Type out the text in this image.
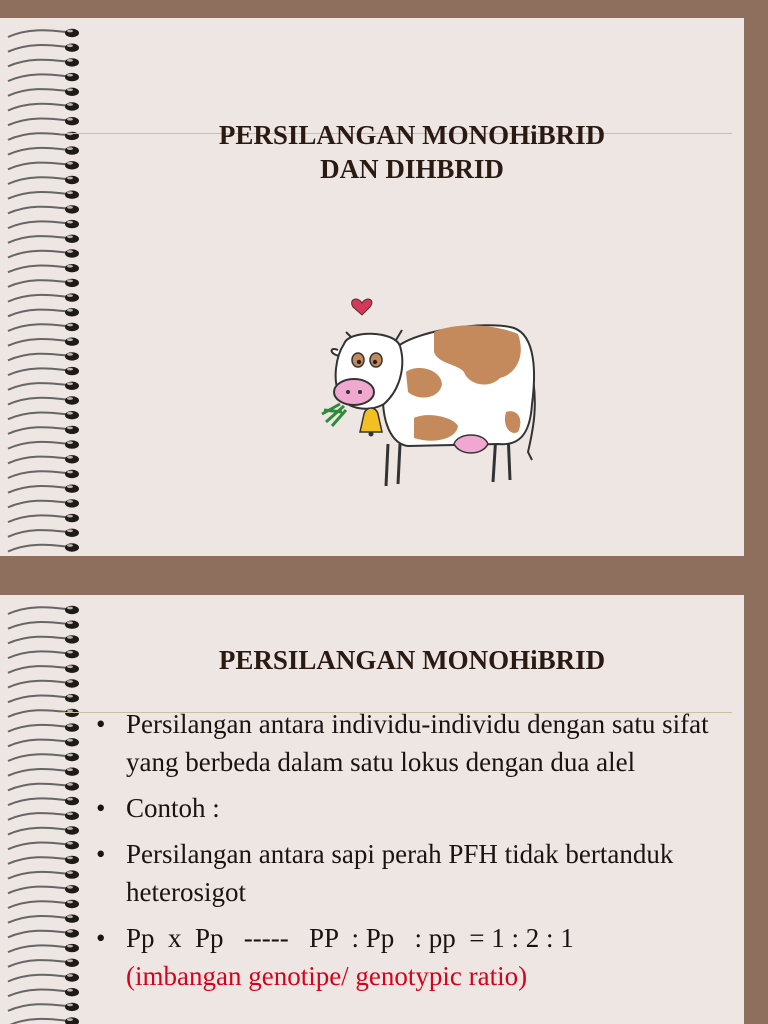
PERSILANGAN MONOHiBRID
DAN DIHBRID
PERSILANGAN MONOHiBRID
• Persilangan antara individu-individu dengan satu sifat yang berbeda dalam satu lokus dengan dua alel
• Contoh :
• Persilangan antara sapi perah PFH tidak bertanduk heterosigot
• Pp  x  Pp   -----   PP  : Pp   : pp  = 1 : 2 : 1
(imbangan genotipe/ genotypic ratio)
